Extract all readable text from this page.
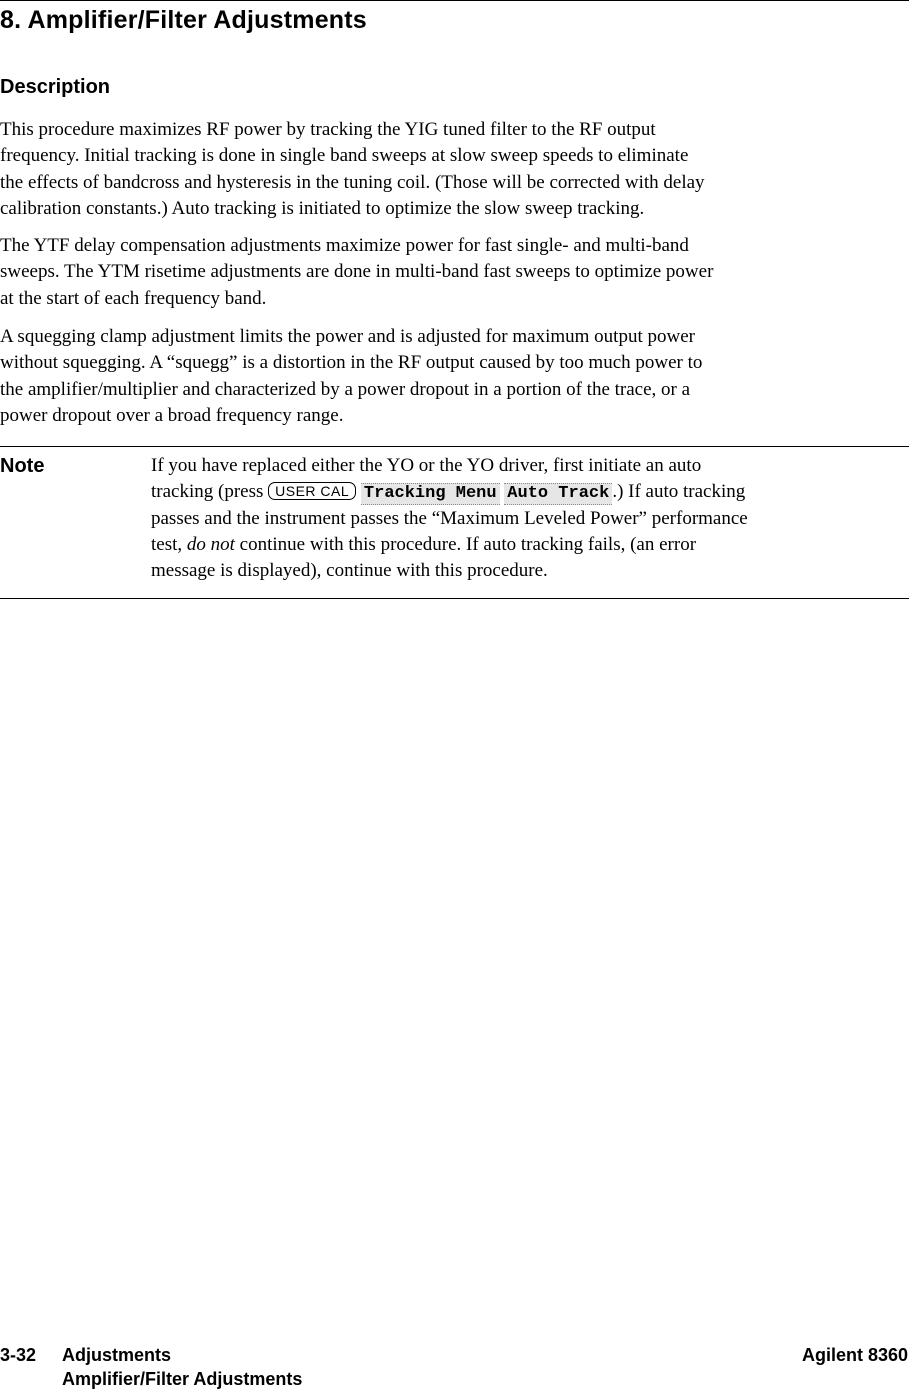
8. Amplifier/Filter Adjustments
Description

This procedure maximizes RF power by tracking the YIG tuned filter to the RF output
frequency. Initial tracking is done in single band sweeps at slow sweep speeds to eliminate
the effects of bandcross and hysteresis in the tuning coil. (Those will be corrected with delay
calibration constants.) Auto tracking is initiated to optimize the slow sweep tracking.

The YTF delay compensation adjustments maximize power for fast single- and multi-band
sweeps. The YTM risetime adjustments are done in multi-band fast sweeps to optimize power
at the start of each frequency band.

A squegging clamp adjustment limits the power and is adjusted for maximum output power
without squegging. A “squegg” is a distortion in the RF output caused by too much power to
the amplifier/multiplier and characterized by a power dropout in a portion of the trace, or a
power dropout over a broad frequency range.

Note	If you have replaced either the YO or the YO driver, first initiate an auto
tracking (press USER CAL Tracking Menu Auto Track .) If auto tracking
passes and the instrument passes the “Maximum Leveled Power” performance
test, do not continue with this procedure. If auto tracking fails, (an error
message is displayed), continue with this procedure.
3-32 Adjustments
Amplifier/Filter Adjustments
Agilent 8360
